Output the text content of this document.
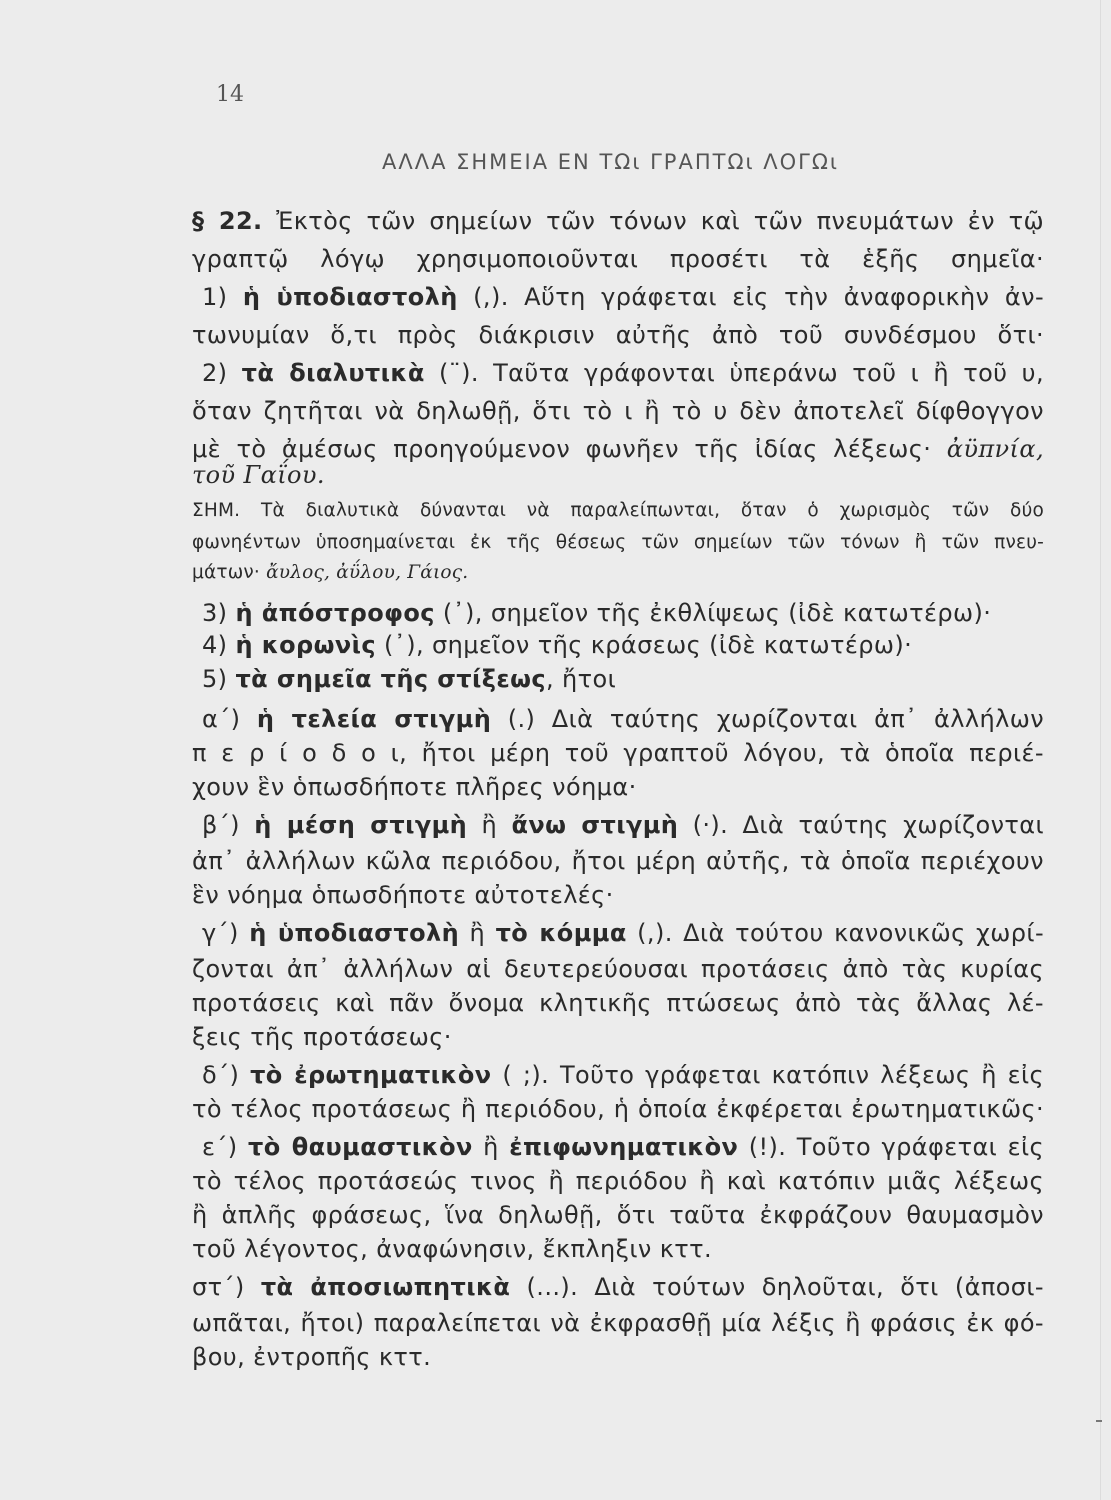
14
ΑΛΛΑ ΣΗΜΕΙΑ ΕΝ ΤΩι ΓΡΑΠΤΩι ΛΟΓΩι
§ 22. Ἐκτὸς τῶν σημείων τῶν τόνων καὶ τῶν πνευμάτων ἐν τῷ
γραπτῷ λόγῳ χρησιμοποιοῦνται προσέτι τὰ ἑξῆς σημεῖα·
1) ἡ ὑποδιαστολὴ (,). Αὕτη γράφεται εἰς τὴν ἀναφορικὴν ἀν-
τωνυμίαν ὅ,τι πρὸς διάκρισιν αὐτῆς ἀπὸ τοῦ συνδέσμου ὅτι·
2) τὰ διαλυτικὰ (¨). Ταῦτα γράφονται ὑπεράνω τοῦ ι ἢ τοῦ υ,
ὅταν ζητῆται νὰ δηλωθῇ, ὅτι τὸ ι ἢ τὸ υ δὲν ἀποτελεῖ δίφθογγον
μὲ τὸ ἀμέσως προηγούμενον φωνῆεν τῆς ἰδίας λέξεως· ἀϋπνία,
τοῦ Γαΐου.
ΣΗΜ. Τὰ διαλυτικὰ δύνανται νὰ παραλείπωνται, ὅταν ὁ χωρισμὸς τῶν δύο
φωνηέντων ὑποσημαίνεται ἐκ τῆς θέσεως τῶν σημείων τῶν τόνων ἢ τῶν πνευ-
μάτων· ἄυλος, ἀΰλου, Γάιος.
3) ἡ ἀπόστροφος (᾿), σημεῖον τῆς ἐκθλίψεως (ἰδὲ κατωτέρω)·
4) ἡ κορωνὶς (᾿), σημεῖον τῆς κράσεως (ἰδὲ κατωτέρω)·
5) τὰ σημεῖα τῆς στίξεως, ἤτοι
α΄) ἡ τελεία στιγμὴ (.) Διὰ ταύτης χωρίζονται ἀπ᾿ ἀλλήλων
π ε ρ ί ο δ ο ι, ἤτοι μέρη τοῦ γραπτοῦ λόγου, τὰ ὁποῖα περιέ-
χουν ἓν ὁπωσδήποτε πλῆρες νόημα·
β΄) ἡ μέση στιγμὴ ἢ ἄνω στιγμὴ (·). Διὰ ταύτης χωρίζονται
ἀπ᾿ ἀλλήλων κῶλα περιόδου, ἤτοι μέρη αὐτῆς, τὰ ὁποῖα περιέχουν
ἓν νόημα ὁπωσδήποτε αὐτοτελές·
γ΄) ἡ ὑποδιαστολὴ ἢ τὸ κόμμα (,). Διὰ τούτου κανονικῶς χωρί-
ζονται ἀπ᾿ ἀλλήλων αἱ δευτερεύουσαι προτάσεις ἀπὸ τὰς κυρίας
προτάσεις καὶ πᾶν ὄνομα κλητικῆς πτώσεως ἀπὸ τὰς ἄλλας λέ-
ξεις τῆς προτάσεως·
δ΄) τὸ ἐρωτηματικὸν ( ;). Τοῦτο γράφεται κατόπιν λέξεως ἢ εἰς
τὸ τέλος προτάσεως ἢ περιόδου, ἡ ὁποία ἐκφέρεται ἐρωτηματικῶς·
ε΄) τὸ θαυμαστικὸν ἢ ἐπιφωνηματικὸν (!). Τοῦτο γράφεται εἰς
τὸ τέλος προτάσεώς τινος ἢ περιόδου ἢ καὶ κατόπιν μιᾶς λέξεως
ἢ ἁπλῆς φράσεως, ἵνα δηλωθῇ, ὅτι ταῦτα ἐκφράζουν θαυμασμὸν
τοῦ λέγοντος, ἀναφώνησιν, ἔκπληξιν κττ.
στ΄) τὰ ἀποσιωπητικὰ (...). Διὰ τούτων δηλοῦται, ὅτι (ἀποσι-
ωπᾶται, ἤτοι) παραλείπεται νὰ ἐκφρασθῇ μία λέξις ἢ φράσις ἐκ φό-
βου, ἐντροπῆς κττ.
